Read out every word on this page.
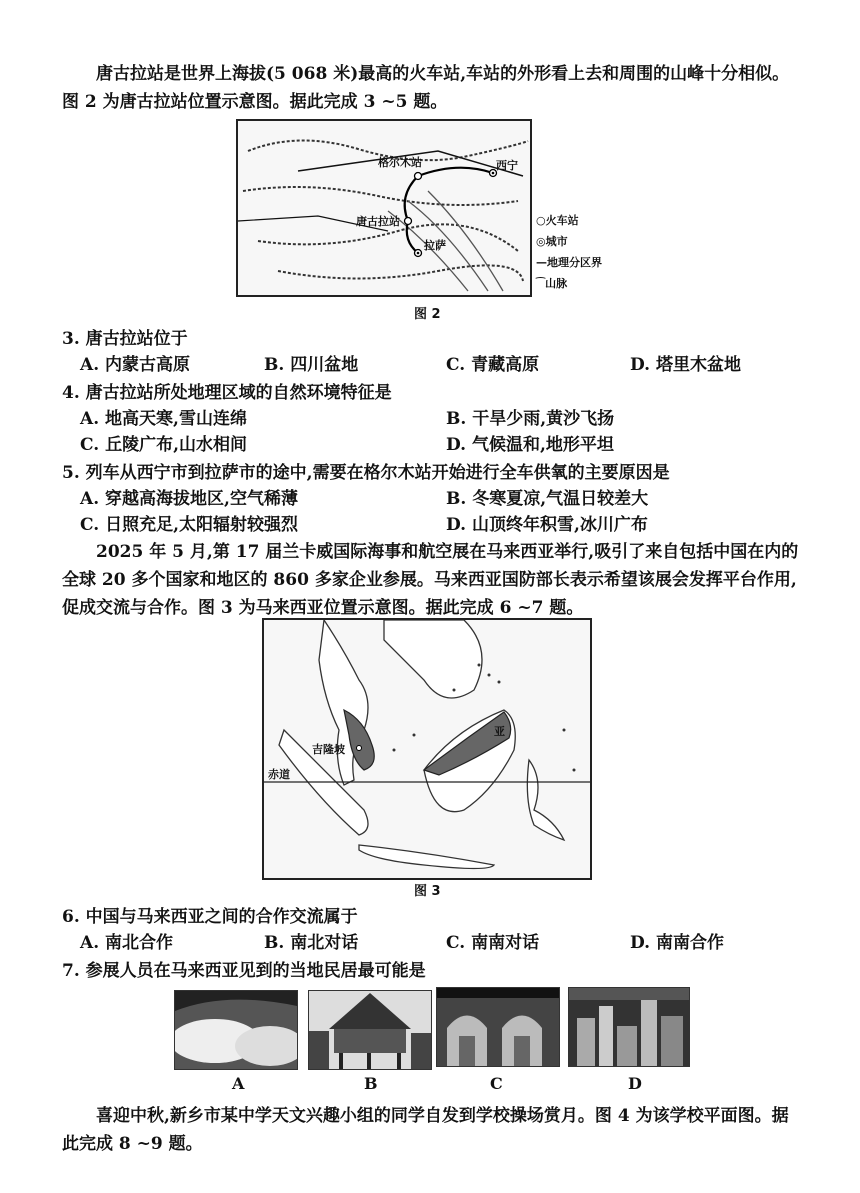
唐古拉站是世界上海拔(5 068 米)最高的火车站,车站的外形看上去和周围的山峰十分相似。图 2 为唐古拉站位置示意图。据此完成 3 ~5 题。
格尔木站	西宁
唐古拉站
拉萨
○火车站
◎城市
—地理分区界
⁀山脉
图 2
3. 唐古拉站位于
A. 内蒙古高原	B. 四川盆地	C. 青藏高原	D. 塔里木盆地
4. 唐古拉站所处地理区域的自然环境特征是
A. 地高天寒,雪山连绵	B. 干旱少雨,黄沙飞扬
C. 丘陵广布,山水相间	D. 气候温和,地形平坦
5. 列车从西宁市到拉萨市的途中,需要在格尔木站开始进行全车供氧的主要原因是
A. 穿越高海拔地区,空气稀薄	B. 冬寒夏凉,气温日较差大
C. 日照充足,太阳辐射较强烈	D. 山顶终年积雪,冰川广布
2025 年 5 月,第 17 届兰卡威国际海事和航空展在马来西亚举行,吸引了来自包括中国在内的全球 20 多个国家和地区的 860 多家企业参展。马来西亚国防部长表示希望该展会发挥平台作用,促成交流与合作。图 3 为马来西亚位置示意图。据此完成 6 ~7 题。
赤道
吉隆坡
亚
图 3
6. 中国与马来西亚之间的合作交流属于
A. 南北合作	B. 南北对话	C. 南南对话	D. 南南合作
7. 参展人员在马来西亚见到的当地民居最可能是
A	B	C	D
喜迎中秋,新乡市某中学天文兴趣小组的同学自发到学校操场赏月。图 4 为该学校平面图。据此完成 8 ~9 题。
